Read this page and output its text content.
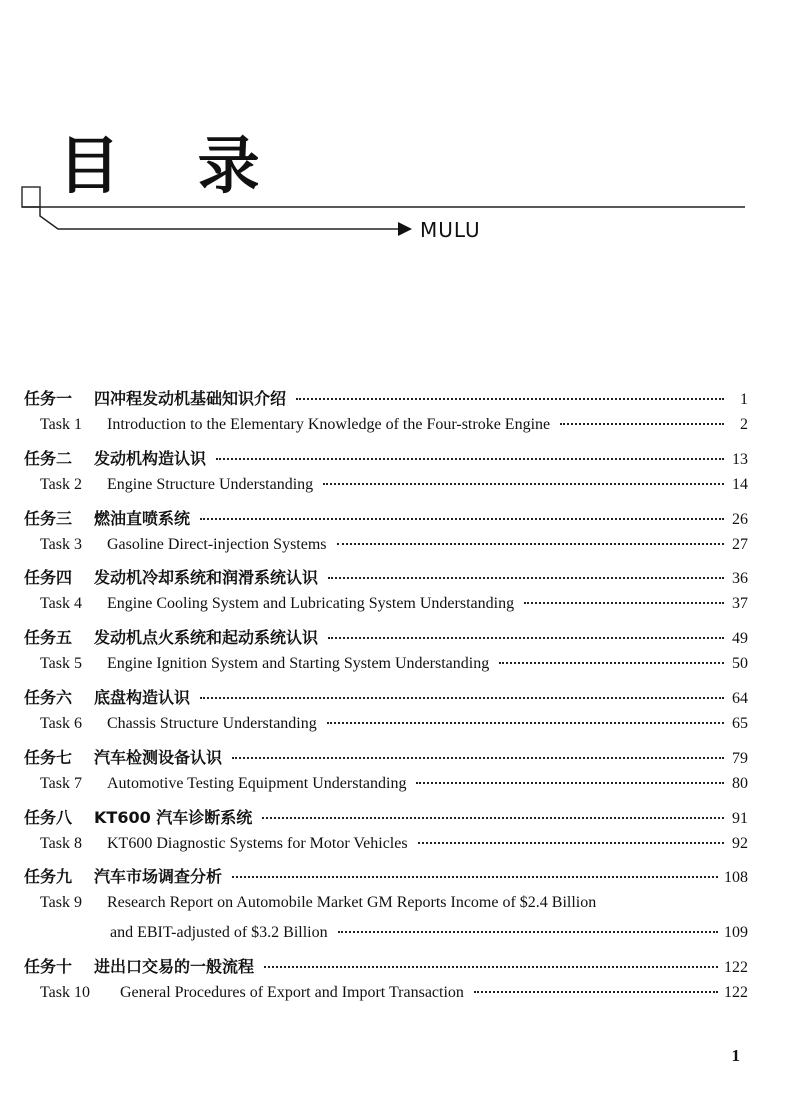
目 录
MULU
任务一	四冲程发动机基础知识介绍	1
Task 1	Introduction to the Elementary Knowledge of the Four-stroke Engine	2
任务二	发动机构造认识	13
Task 2	Engine Structure Understanding	14
任务三	燃油直喷系统	26
Task 3	Gasoline Direct-injection Systems	27
任务四	发动机冷却系统和润滑系统认识	36
Task 4	Engine Cooling System and Lubricating System Understanding	37
任务五	发动机点火系统和起动系统认识	49
Task 5	Engine Ignition System and Starting System Understanding	50
任务六	底盘构造认识	64
Task 6	Chassis Structure Understanding	65
任务七	汽车检测设备认识	79
Task 7	Automotive Testing Equipment Understanding	80
任务八	KT600 汽车诊断系统	91
Task 8	KT600 Diagnostic Systems for Motor Vehicles	92
任务九	汽车市场调查分析	108
Task 9	Research Report on Automobile Market GM Reports Income of $2.4 Billion
and EBIT-adjusted of $3.2 Billion	109
任务十	进出口交易的一般流程	122
Task 10	General Procedures of Export and Import Transaction	122
1
